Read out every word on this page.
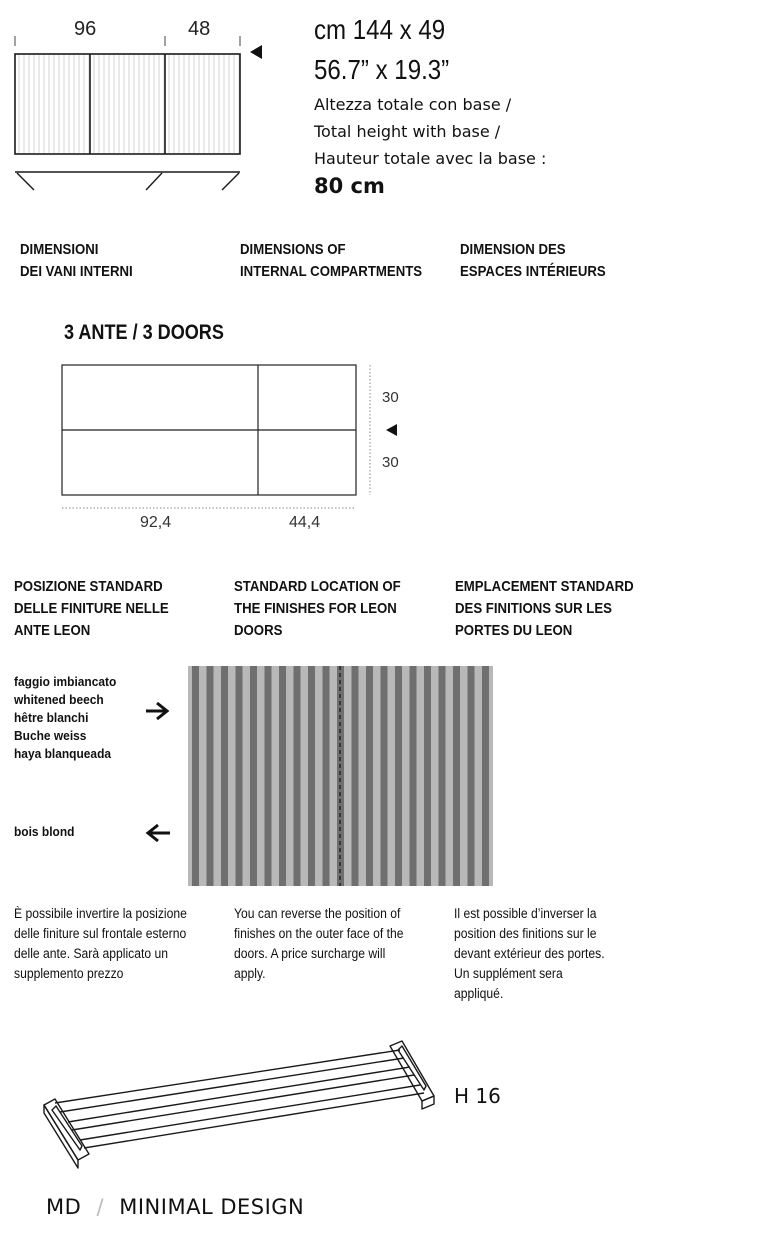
96	48	cm 144 x 49
56.7” x 19.3”
Altezza totale con base /
Total height with base /
Hauteur totale avec la base :
80 cm
DIMENSIONI
DEI VANI INTERNI
DIMENSIONS OF
INTERNAL COMPARTMENTS
DIMENSION DES
ESPACES INTÉRIEURS
3 ANTE / 3 DOORS
30
30
92,4	44,4
POSIZIONE STANDARD
DELLE FINITURE NELLE
ANTE LEON
STANDARD LOCATION OF
THE FINISHES FOR LEON
DOORS
EMPLACEMENT STANDARD
DES FINITIONS SUR LES
PORTES DU LEON
faggio imbiancato
whitened beech
hêtre blanchi
Buche weiss
haya blanqueada
bois blond
È possibile invertire la posizione
delle finiture sul frontale esterno
delle ante. Sarà applicato un
supplemento prezzo
You can reverse the position of
finishes on the outer face of the
doors. A price surcharge will
apply.
Il est possible d’inverser la
position des finitions sur le
devant extérieur des portes.
Un supplément sera
appliqué.
H 16
MD / MINIMAL DESIGN
